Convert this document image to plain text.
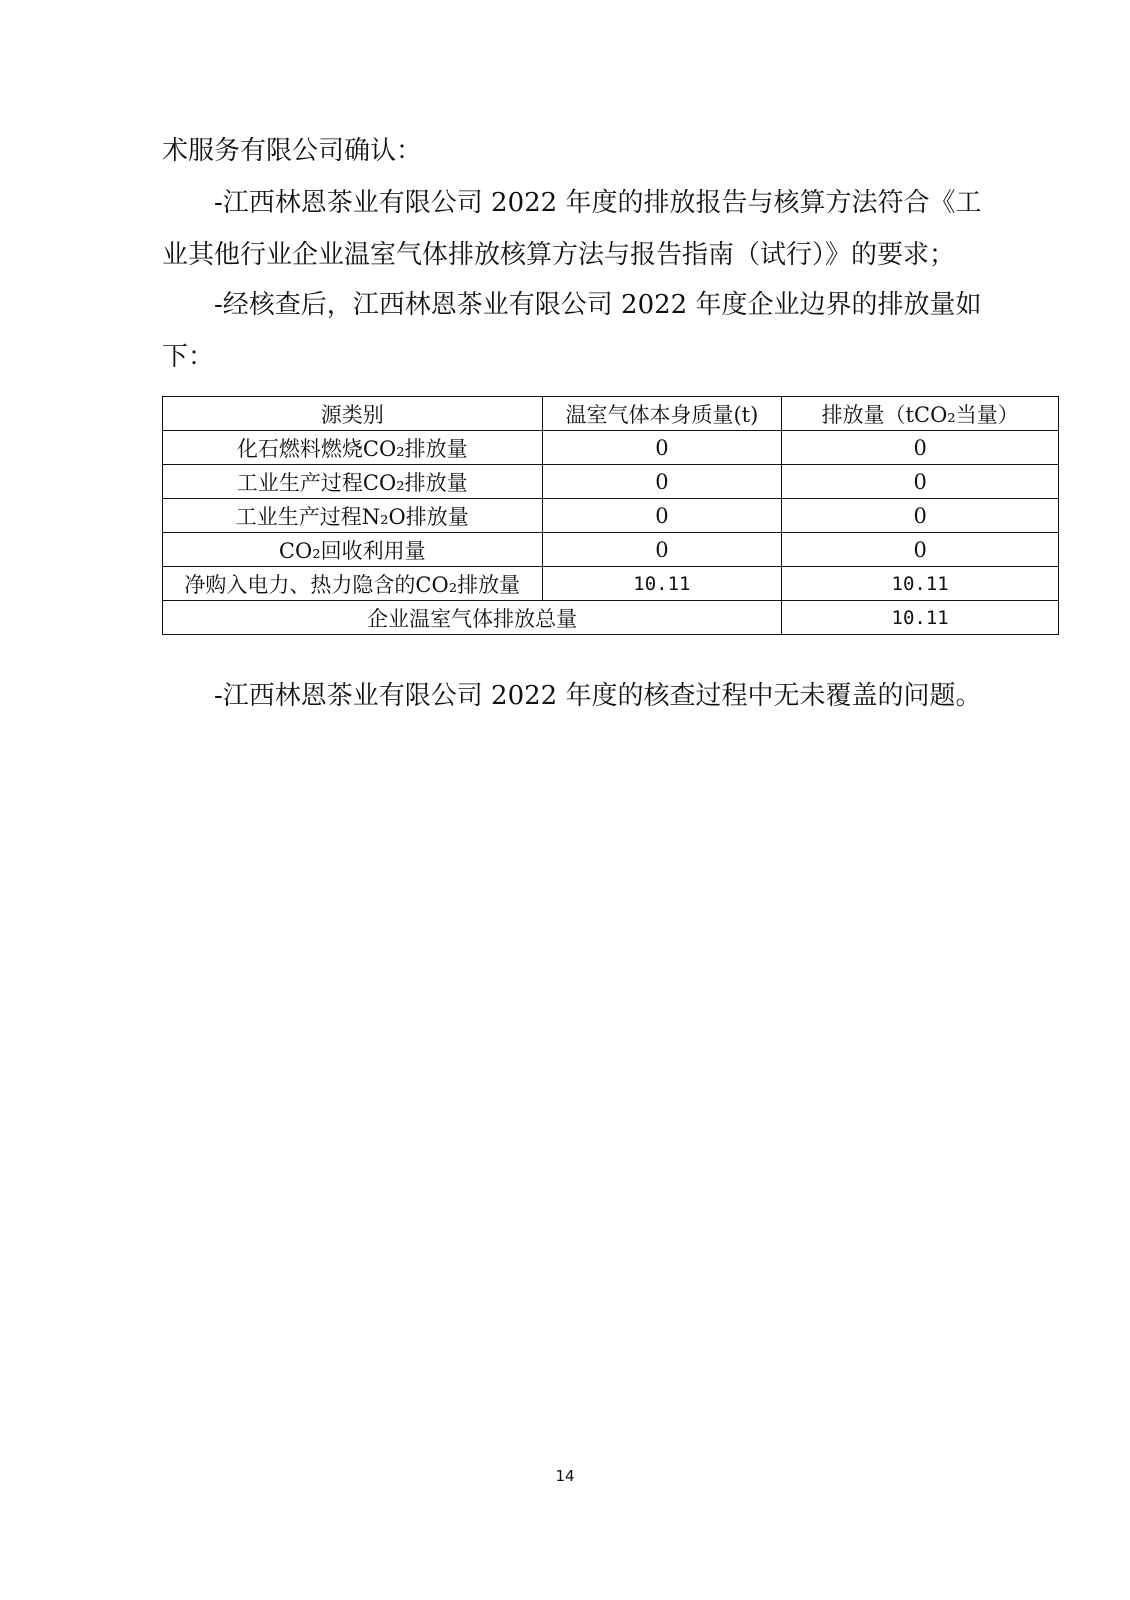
术服务有限公司确认：

-江西林恩茶业有限公司 2022 年度的排放报告与核算方法符合《工

业其他行业企业温室气体排放核算方法与报告指南（试行）》的要求；

-经核查后，江西林恩茶业有限公司 2022 年度企业边界的排放量如

下：

源类别	温室气体本身质量(t)	排放量（tCO₂当量）
化石燃料燃烧CO₂排放量	0	0
工业生产过程CO₂排放量	0	0
工业生产过程N₂O排放量	0	0
CO₂回收利用量	0	0
净购入电力、热力隐含的CO₂排放量	10.11	10.11
企业温室气体排放总量		10.11

-江西林恩茶业有限公司 2022 年度的核查过程中无未覆盖的问题。

14
